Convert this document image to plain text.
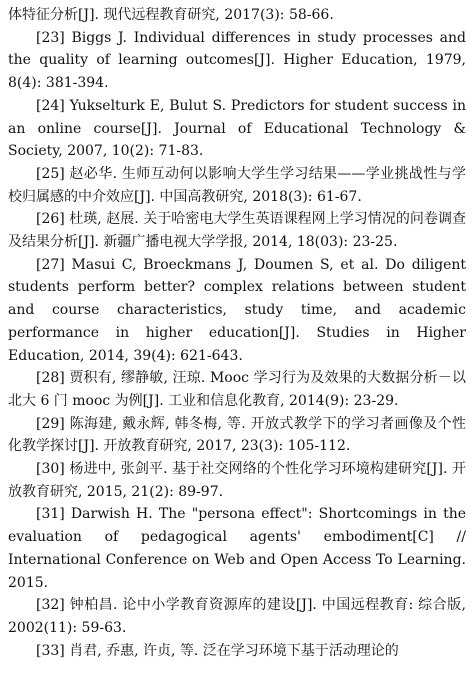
体特征分析[J]. 现代远程教育研究, 2017(3): 58-66.

[23] Biggs J. Individual differences in study processes and the quality of learning outcomes[J]. Higher Education, 1979, 8(4): 381-394.

[24] Yukselturk E, Bulut S. Predictors for student success in an online course[J]. Journal of Educational Technology & Society, 2007, 10(2): 71-83.

[25] 赵必华. 生师互动何以影响大学生学习结果——学业挑战性与学校归属感的中介效应[J]. 中国高教研究, 2018(3): 61-67.

[26] 杜瑛, 赵展. 关于哈密电大学生英语课程网上学习情况的问卷调查及结果分析[J]. 新疆广播电视大学学报, 2014, 18(03): 23-25.

[27] Masui C, Broeckmans J, Doumen S, et al. Do diligent students perform better? complex relations between student and course characteristics, study time, and academic performance in higher education[J]. Studies in Higher Education, 2014, 39(4): 621-643.

[28] 贾积有, 缪静敏, 汪琼. Mooc 学习行为及效果的大数据分析－以北大 6 门 mooc 为例[J]. 工业和信息化教育, 2014(9): 23-29.

[29] 陈海建, 戴永辉, 韩冬梅, 等. 开放式教学下的学习者画像及个性化教学探讨[J]. 开放教育研究, 2017, 23(3): 105-112.

[30] 杨进中, 张剑平. 基于社交网络的个性化学习环境构建研究[J]. 开放教育研究, 2015, 21(2): 89-97.

[31] Darwish H. The "persona effect": Shortcomings in the evaluation of pedagogical agents' embodiment[C] // International Conference on Web and Open Access To Learning. 2015.

[32] 钟柏昌. 论中小学教育资源库的建设[J]. 中国远程教育: 综合版, 2002(11): 59-63.

[33] 肖君, 乔惠, 许贞, 等. 泛在学习环境下基于活动理论的
